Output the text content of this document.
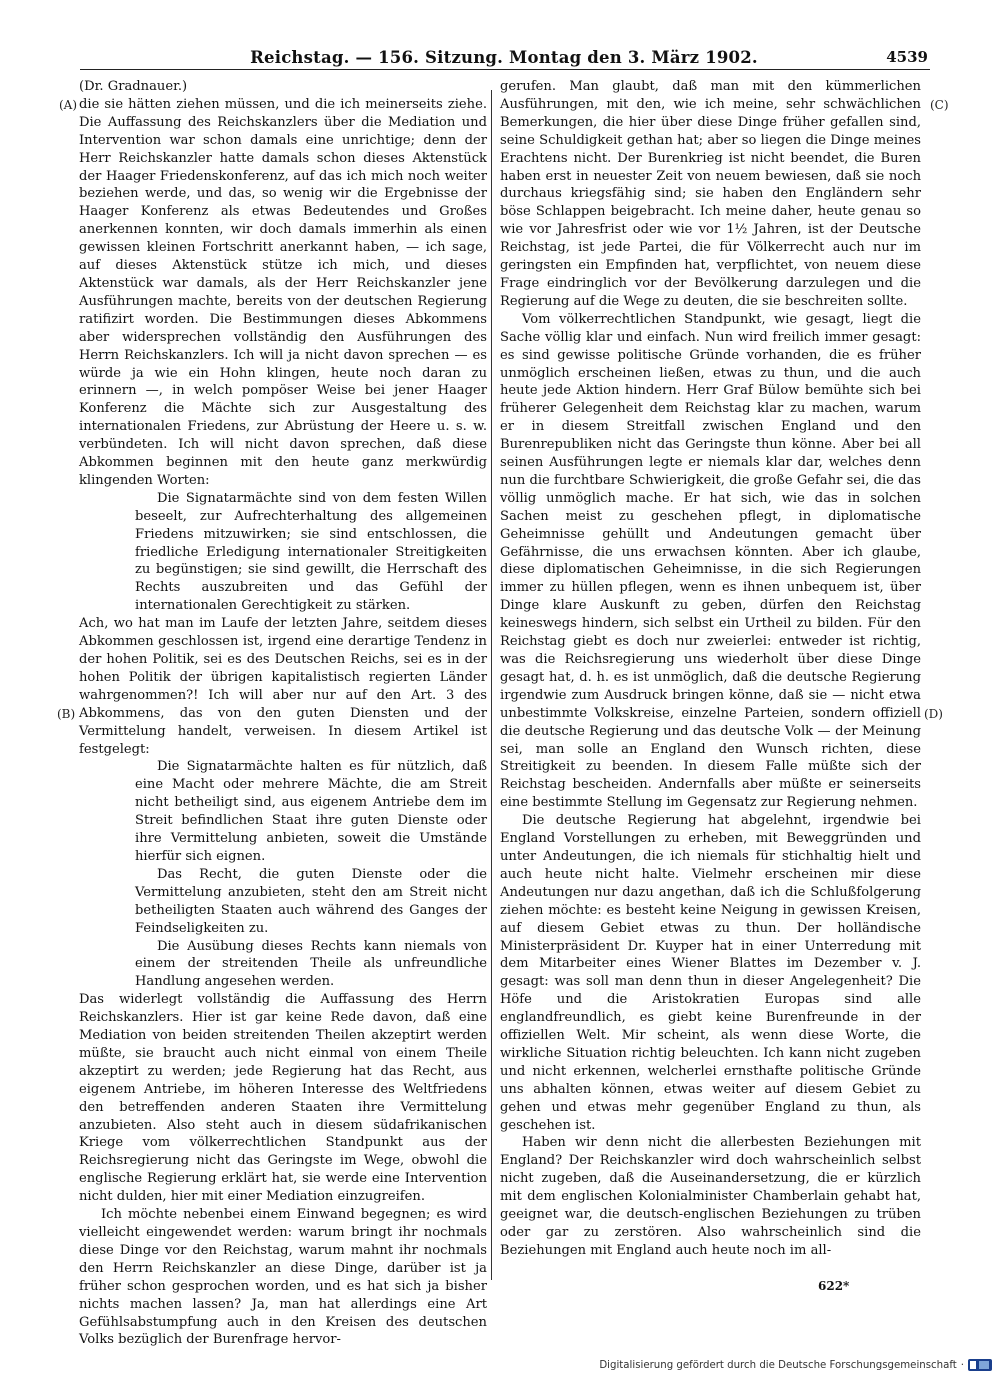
Reichstag. — 156. Sitzung. Montag den 3. März 1902.	4539
(A)
(B)
(C)
(D)

(Dr. Gradnauer.)

die sie hätten ziehen müssen, und die ich meinerseits ziehe. Die Auffassung des Reichskanzlers über die Mediation und Intervention war schon damals eine unrichtige; denn der Herr Reichskanzler hatte damals schon dieses Aktenstück der Haager Friedenskonferenz, auf das ich mich noch weiter beziehen werde, und das, so wenig wir die Ergebnisse der Haager Konferenz als etwas Bedeutendes und Großes anerkennen konnten, wir doch damals immerhin als einen gewissen kleinen Fortschritt anerkannt haben, — ich sage, auf dieses Aktenstück stütze ich mich, und dieses Aktenstück war damals, als der Herr Reichskanzler jene Ausführungen machte, bereits von der deutschen Regierung ratifizirt worden. Die Bestimmungen dieses Abkommens aber widersprechen vollständig den Ausführungen des Herrn Reichskanzlers. Ich will ja nicht davon sprechen — es würde ja wie ein Hohn klingen, heute noch daran zu erinnern —, in welch pompöser Weise bei jener Haager Konferenz die Mächte sich zur Ausgestaltung des internationalen Friedens, zur Abrüstung der Heere u. s. w. verbündeten. Ich will nicht davon sprechen, daß diese Abkommen beginnen mit den heute ganz merkwürdig klingenden Worten:

Die Signatarmächte sind von dem festen Willen beseelt, zur Aufrechterhaltung des allgemeinen Friedens mitzuwirken; sie sind entschlossen, die friedliche Erledigung internationaler Streitigkeiten zu begünstigen; sie sind gewillt, die Herrschaft des Rechts auszubreiten und das Gefühl der internationalen Gerechtigkeit zu stärken.

Ach, wo hat man im Laufe der letzten Jahre, seitdem dieses Abkommen geschlossen ist, irgend eine derartige Tendenz in der hohen Politik, sei es des Deutschen Reichs, sei es in der hohen Politik der übrigen kapitalistisch regierten Länder wahrgenommen?! Ich will aber nur auf den Art. 3 des Abkommens, das von den guten Diensten und der Vermittelung handelt, verweisen. In diesem Artikel ist festgelegt:

Die Signatarmächte halten es für nützlich, daß eine Macht oder mehrere Mächte, die am Streit nicht betheiligt sind, aus eigenem Antriebe dem im Streit befindlichen Staat ihre guten Dienste oder ihre Vermittelung anbieten, soweit die Umstände hierfür sich eignen.

Das Recht, die guten Dienste oder die Vermittelung anzubieten, steht den am Streit nicht betheiligten Staaten auch während des Ganges der Feindseligkeiten zu.

Die Ausübung dieses Rechts kann niemals von einem der streitenden Theile als unfreundliche Handlung angesehen werden.

Das widerlegt vollständig die Auffassung des Herrn Reichskanzlers. Hier ist gar keine Rede davon, daß eine Mediation von beiden streitenden Theilen akzeptirt werden müßte, sie braucht auch nicht einmal von einem Theile akzeptirt zu werden; jede Regierung hat das Recht, aus eigenem Antriebe, im höheren Interesse des Weltfriedens den betreffenden anderen Staaten ihre Vermittelung anzubieten. Also steht auch in diesem südafrikanischen Kriege vom völkerrechtlichen Standpunkt aus der Reichsregierung nicht das Geringste im Wege, obwohl die englische Regierung erklärt hat, sie werde eine Intervention nicht dulden, hier mit einer Mediation einzugreifen.

Ich möchte nebenbei einem Einwand begegnen; es wird vielleicht eingewendet werden: warum bringt ihr nochmals diese Dinge vor den Reichstag, warum mahnt ihr nochmals den Herrn Reichskanzler an diese Dinge, darüber ist ja früher schon gesprochen worden, und es hat sich ja bisher nichts machen lassen? Ja, man hat allerdings eine Art Gefühlsabstumpfung auch in den Kreisen des deutschen Volks bezüglich der Burenfrage hervor-

gerufen. Man glaubt, daß man mit den kümmerlichen Ausführungen, mit den, wie ich meine, sehr schwächlichen Bemerkungen, die hier über diese Dinge früher gefallen sind, seine Schuldigkeit gethan hat; aber so liegen die Dinge meines Erachtens nicht. Der Burenkrieg ist nicht beendet, die Buren haben erst in neuester Zeit von neuem bewiesen, daß sie noch durchaus kriegsfähig sind; sie haben den Engländern sehr böse Schlappen beigebracht. Ich meine daher, heute genau so wie vor Jahresfrist oder wie vor 1½ Jahren, ist der Deutsche Reichstag, ist jede Partei, die für Völkerrecht auch nur im geringsten ein Empfinden hat, verpflichtet, von neuem diese Frage eindringlich vor der Bevölkerung darzulegen und die Regierung auf die Wege zu deuten, die sie beschreiten sollte.

Vom völkerrechtlichen Standpunkt, wie gesagt, liegt die Sache völlig klar und einfach. Nun wird freilich immer gesagt: es sind gewisse politische Gründe vorhanden, die es früher unmöglich erscheinen ließen, etwas zu thun, und die auch heute jede Aktion hindern. Herr Graf Bülow bemühte sich bei früherer Gelegenheit dem Reichstag klar zu machen, warum er in diesem Streitfall zwischen England und den Burenrepubliken nicht das Geringste thun könne. Aber bei all seinen Ausführungen legte er niemals klar dar, welches denn nun die furchtbare Schwierigkeit, die große Gefahr sei, die das völlig unmöglich mache. Er hat sich, wie das in solchen Sachen meist zu geschehen pflegt, in diplomatische Geheimnisse gehüllt und Andeutungen gemacht über Gefährnisse, die uns erwachsen könnten. Aber ich glaube, diese diplomatischen Geheimnisse, in die sich Regierungen immer zu hüllen pflegen, wenn es ihnen unbequem ist, über Dinge klare Auskunft zu geben, dürfen den Reichstag keineswegs hindern, sich selbst ein Urtheil zu bilden. Für den Reichstag giebt es doch nur zweierlei: entweder ist richtig, was die Reichsregierung uns wiederholt über diese Dinge gesagt hat, d. h. es ist unmöglich, daß die deutsche Regierung irgendwie zum Ausdruck bringen könne, daß sie — nicht etwa unbestimmte Volkskreise, einzelne Parteien, sondern offiziell die deutsche Regierung und das deutsche Volk — der Meinung sei, man solle an England den Wunsch richten, diese Streitigkeit zu beenden. In diesem Falle müßte sich der Reichstag bescheiden. Andernfalls aber müßte er seinerseits eine bestimmte Stellung im Gegensatz zur Regierung nehmen.

Die deutsche Regierung hat abgelehnt, irgendwie bei England Vorstellungen zu erheben, mit Beweggründen und unter Andeutungen, die ich niemals für stichhaltig hielt und auch heute nicht halte. Vielmehr erscheinen mir diese Andeutungen nur dazu angethan, daß ich die Schlußfolgerung ziehen möchte: es besteht keine Neigung in gewissen Kreisen, auf diesem Gebiet etwas zu thun. Der holländische Ministerpräsident Dr. Kuyper hat in einer Unterredung mit dem Mitarbeiter eines Wiener Blattes im Dezember v. J. gesagt: was soll man denn thun in dieser Angelegenheit? Die Höfe und die Aristokratien Europas sind alle englandfreundlich, es giebt keine Burenfreunde in der offiziellen Welt. Mir scheint, als wenn diese Worte, die wirkliche Situation richtig beleuchten. Ich kann nicht zugeben und nicht erkennen, welcherlei ernsthafte politische Gründe uns abhalten können, etwas weiter auf diesem Gebiet zu gehen und etwas mehr gegenüber England zu thun, als geschehen ist.

Haben wir denn nicht die allerbesten Beziehungen mit England? Der Reichskanzler wird doch wahrscheinlich selbst nicht zugeben, daß die Auseinandersetzung, die er kürzlich mit dem englischen Kolonialminister Chamberlain gehabt hat, geeignet war, die deutsch-englischen Beziehungen zu trüben oder gar zu zerstören. Also wahrscheinlich sind die Beziehungen mit England auch heute noch im all-

622*
Digitalisierung gefördert durch die Deutsche Forschungsgemeinschaft ·
